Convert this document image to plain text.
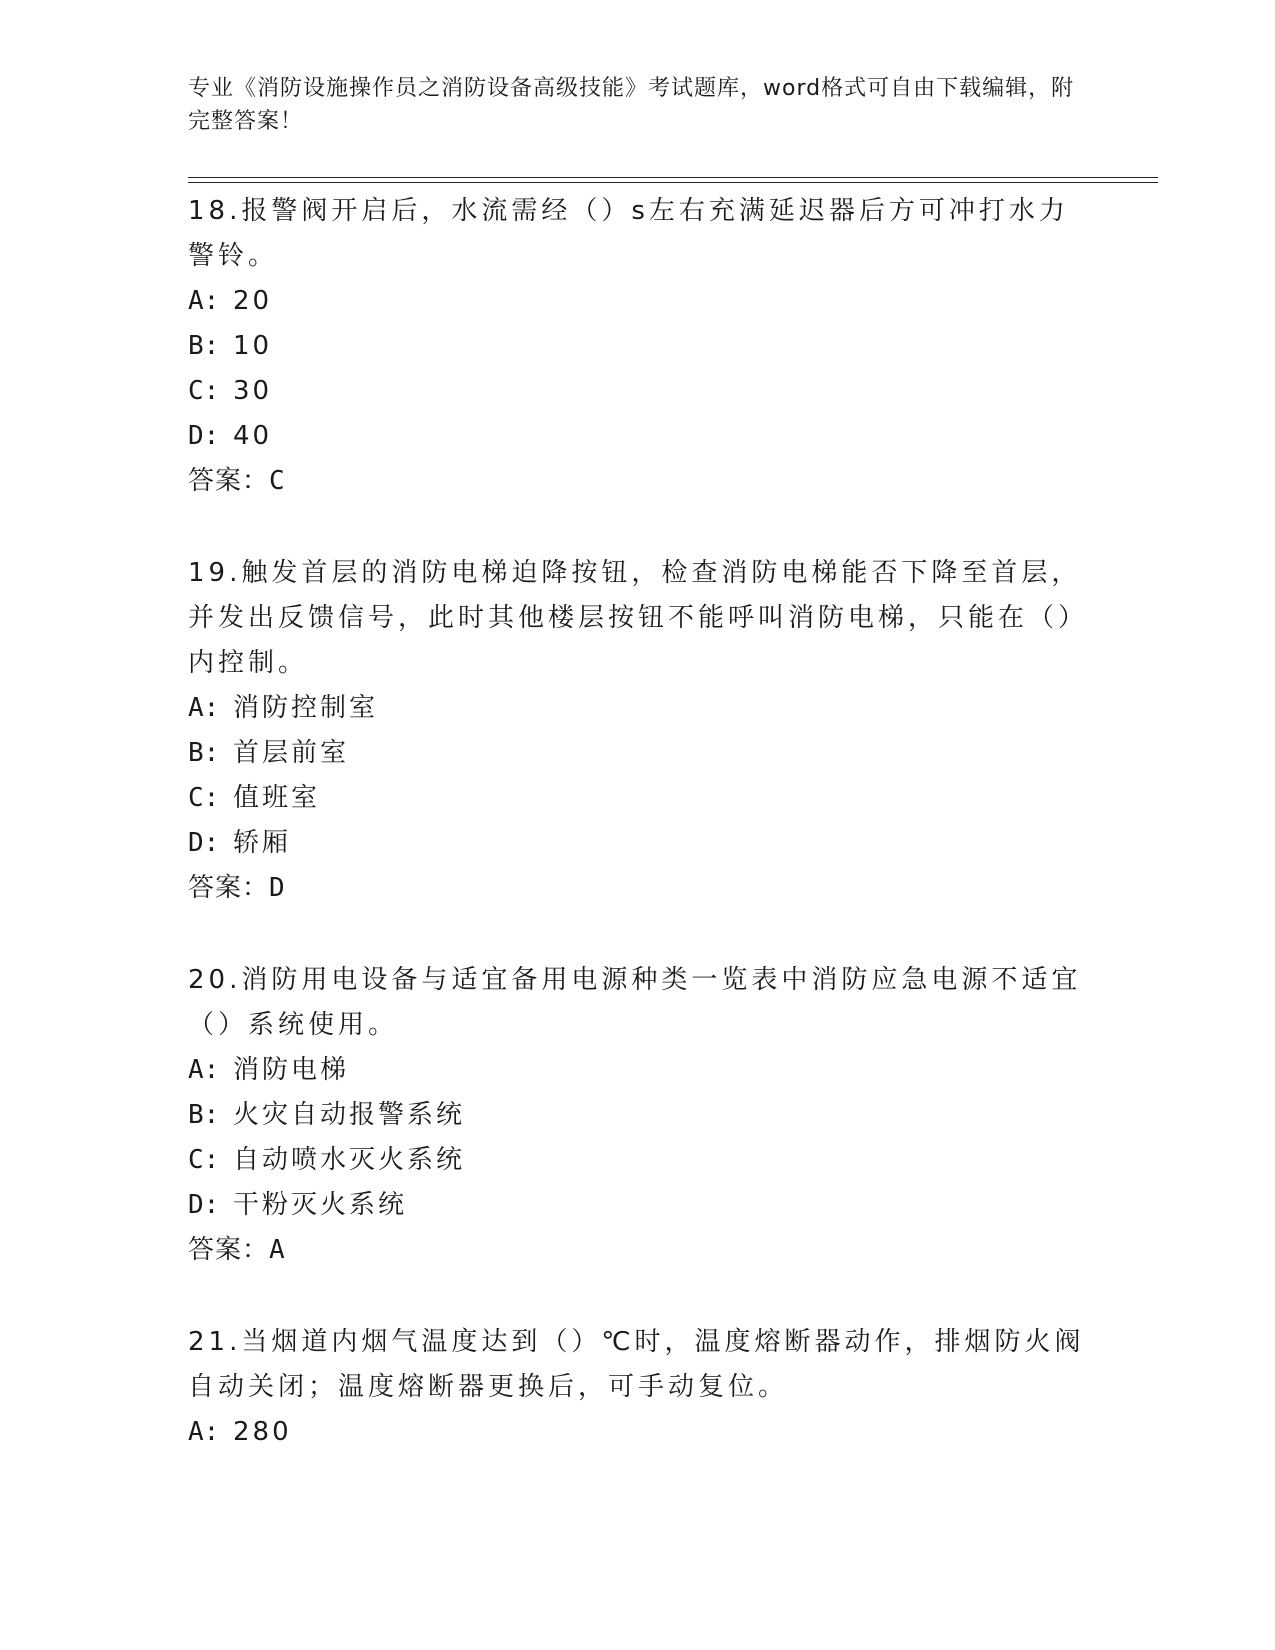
专业《消防设施操作员之消防设备高级技能》考试题库，word格式可自由下载编辑，附完整答案！

18.报警阀开启后，水流需经（）s左右充满延迟器后方可冲打水力警铃。

A: 20

B: 10

C: 30

D: 40

答案：C

19.触发首层的消防电梯迫降按钮，检查消防电梯能否下降至首层，并发出反馈信号，此时其他楼层按钮不能呼叫消防电梯，只能在（）内控制。

A: 消防控制室

B: 首层前室

C: 值班室

D: 轿厢

答案：D

20.消防用电设备与适宜备用电源种类一览表中消防应急电源不适宜（）系统使用。

A: 消防电梯

B: 火灾自动报警系统

C: 自动喷水灭火系统

D: 干粉灭火系统

答案：A

21.当烟道内烟气温度达到（）℃时，温度熔断器动作，排烟防火阀自动关闭；温度熔断器更换后，可手动复位。

A: 280
